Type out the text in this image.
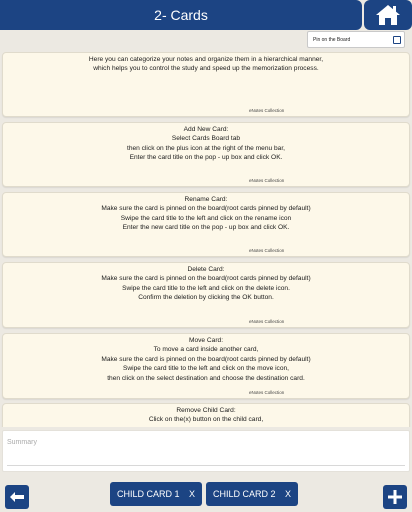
2- Cards
Pin on the Board
Here you can categorize your notes and organize them in a hierarchical manner,
which helps you to control the study and speed up the memorization process.
eNotes Collection
Add New Card:
Select Cards Board tab
then click on the plus icon at the right of the menu bar,
Enter the card title on the pop - up box and click OK.
eNotes Collection
Rename Card:
Make sure the card is pinned on the board(root cards pinned by default)
Swipe the card title to the left and click on the rename icon
Enter the new card title on the pop - up box and click OK.
eNotes Collection
Delete Card:
Make sure the card is pinned on the board(root cards pinned by default)
Swipe the card title to the left and click on the delete icon.
Confirm the deletion by clicking the OK button.
eNotes Collection
Move Card:
To move a card inside another card,
Make sure the card is pinned on the board(root cards pinned by default)
Swipe the card title to the left and click on the move icon,
then click on the select destination and choose the destination card.
eNotes Collection
Remove Child Card:
Click on the(x) button on the child card,
Summary
CHILD CARD 1 X	CHILD CARD 2 X
